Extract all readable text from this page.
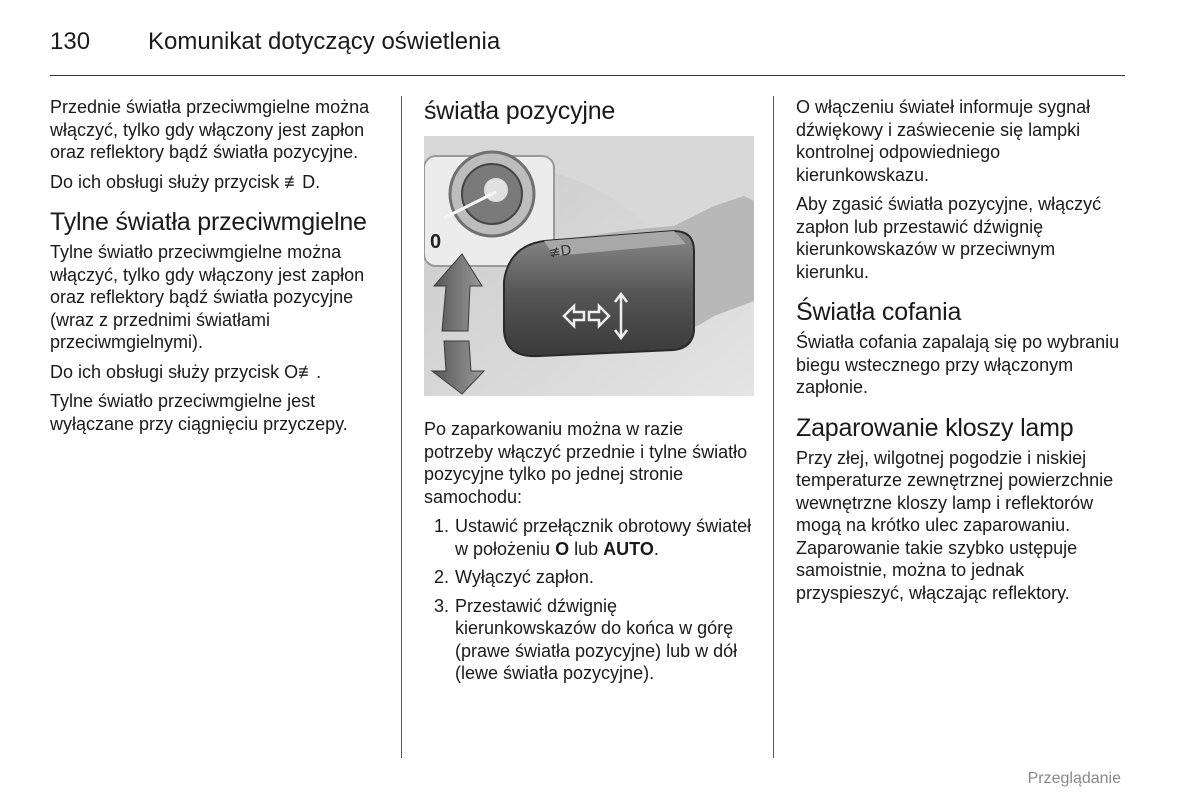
130 Komunikat dotyczący oświetlenia

Przednie światła przeciwmgielne można włączyć, tylko gdy włączony jest zapłon oraz reflektory bądź światła pozycyjne.

Do ich obsługi służy przycisk ≢D.

Tylne światła przeciwmgielne

Tylne światło przeciwmgielne można włączyć, tylko gdy włączony jest zapłon oraz reflektory bądź światła pozycyjne (wraz z przednimi światłami przeciwmgielnymi).

Do ich obsługi służy przycisk O≢.

Tylne światło przeciwmgielne jest wyłączane przy ciągnięciu przyczepy.

światła pozycyjne
0	≢D

Po zaparkowaniu można w razie potrzeby włączyć przednie i tylne światło pozycyjne tylko po jednej stronie samochodu:

1. Ustawić przełącznik obrotowy świateł w położeniu O lub AUTO.
2. Wyłączyć zapłon.
3. Przestawić dźwignię kierunkowskazów do końca w górę (prawe światła pozycyjne) lub w dół (lewe światła pozycyjne).

O włączeniu świateł informuje sygnał dźwiękowy i zaświecenie się lampki kontrolnej odpowiedniego kierunkowskazu.

Aby zgasić światła pozycyjne, włączyć zapłon lub przestawić dźwignię kierunkowskazów w przeciwnym kierunku.

Światła cofania

Światła cofania zapalają się po wybraniu biegu wstecznego przy włączonym zapłonie.

Zaparowanie kloszy lamp

Przy złej, wilgotnej pogodzie i niskiej temperaturze zewnętrznej powierzchnie wewnętrzne kloszy lamp i reflektorów mogą na krótko ulec zaparowaniu. Zaparowanie takie szybko ustępuje samoistnie, można to jednak przyspieszyć, włączając reflektory.

Przeglądanie
